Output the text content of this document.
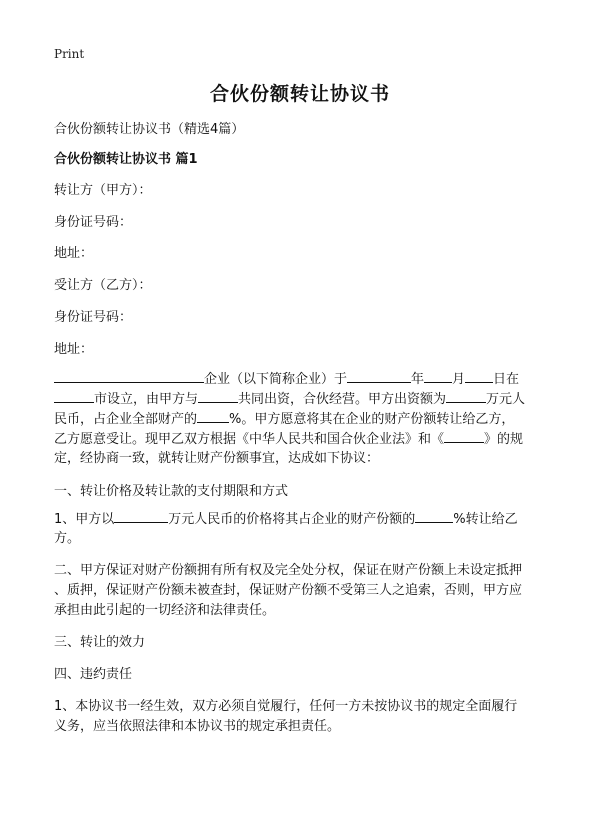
Print
合伙份额转让协议书
合伙份额转让协议书（精选4篇）
合伙份额转让协议书 篇1
转让方（甲方）：
身份证号码：
地址：
受让方（乙方）：
身份证号码：
地址：
企业（以下简称企业）于	年 月 日在
市设立，由甲方与	共同出资，合伙经营。甲方出资额为	万元人
民币，占企业全部财产的 %。甲方愿意将其在企业的财产份额转让给乙方，
乙方愿意受让。现甲乙双方根据《中华人民共和国合伙企业法》和《	》的规
定，经协商一致，就转让财产份额事宜，达成如下协议：
一、转让价格及转让款的支付期限和方式
1、甲方以	万元人民币的价格将其占企业的财产份额的	%转让给乙
方。
二、甲方保证对财产份额拥有所有权及完全处分权，保证在财产份额上未设定抵押
、质押，保证财产份额未被查封，保证财产份额不受第三人之追索，否则，甲方应
承担由此引起的一切经济和法律责任。
三、转让的效力
四、违约责任
1、本协议书一经生效，双方必须自觉履行，任何一方未按协议书的规定全面履行
义务，应当依照法律和本协议书的规定承担责任。
